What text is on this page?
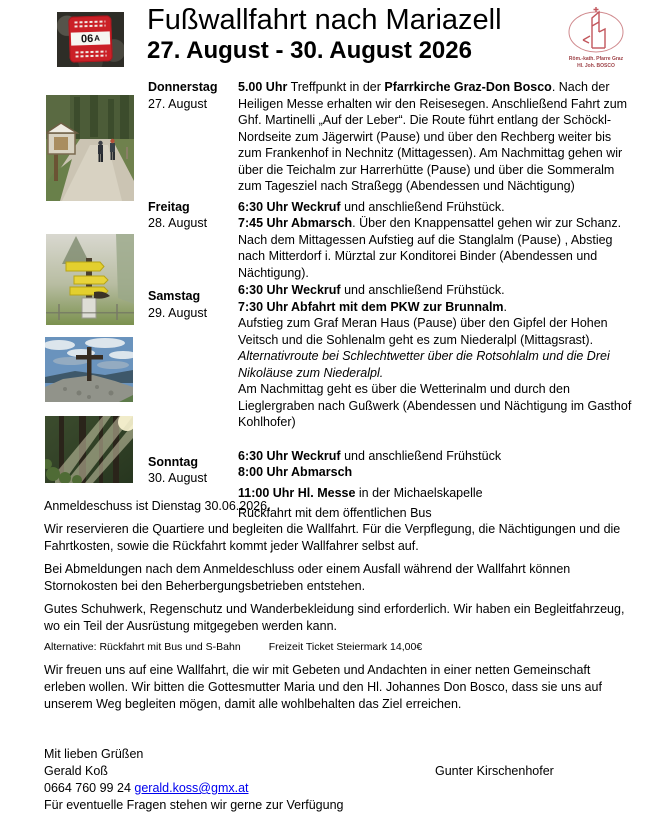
06 A
Fußwallfahrt nach Mariazell
27. August - 30. August 2026	Röm.-kath. Pfarre Graz
Hl. Joh. BOSCO
Donnerstag
27. August
5.00 Uhr Treffpunkt in der Pfarrkirche Graz-Don Bosco. Nach der Heiligen Messe erhalten wir den Reisesegen. Anschließend Fahrt zum Ghf. Martinelli „Auf der Leber“. Die Route führt entlang der Schöckl-Nordseite zum Jägerwirt (Pause) und über den Rechberg weiter bis zum Frankenhof in Nechnitz (Mittagessen). Am Nachmittag gehen wir über die Teichalm zur Harrerhütte (Pause) und über die Sommeralm zum Tagesziel nach Straßegg (Abendessen und Nächtigung)
Freitag
28. August
6:30 Uhr Weckruf und anschließend Frühstück.
7:45 Uhr Abmarsch. Über den Knappensattel gehen wir zur Schanz. Nach dem Mittagessen Aufstieg auf die Stanglalm (Pause) , Abstieg nach Mitterdorf i. Mürztal zur Konditorei Binder (Abendessen und Nächtigung).
Samstag
29. August
6:30 Uhr Weckruf und anschließend Frühstück.
7:30 Uhr Abfahrt mit dem PKW zur Brunnalm.
Aufstieg zum Graf Meran Haus (Pause) über den Gipfel der Hohen Veitsch und die Sohlenalm geht es zum Niederalpl (Mittagsrast).
Alternativroute bei Schlechtwetter über die Rotsohlalm und die Drei Nikoläuse zum Niederalpl.
Am Nachmittag geht es über die Wetterinalm und durch den Lieglergraben nach Gußwerk (Abendessen und Nächtigung im Gasthof Kohlhofer)
Sonntag
30. August
6:30 Uhr Weckruf und anschließend Frühstück
8:00 Uhr Abmarsch
11:00 Uhr Hl. Messe in der Michaelskapelle
Rückfahrt mit dem öffentlichen Bus
Anmeldeschuss ist Dienstag 30.06.2026.
Wir reservieren die Quartiere und begleiten die Wallfahrt. Für die Verpflegung, die Nächtigungen und die Fahrtkosten, sowie die Rückfahrt kommt jeder Wallfahrer selbst auf.
Bei Abmeldungen nach dem Anmeldeschluss oder einem Ausfall während der Wallfahrt können Stornokosten bei den Beherbergungsbetrieben entstehen.
Gutes Schuhwerk, Regenschutz und Wanderbekleidung sind erforderlich. Wir haben ein Begleitfahrzeug, wo ein Teil der Ausrüstung mitgegeben werden kann.
Alternative: Rückfahrt mit Bus und S-Bahn	Freizeit Ticket Steiermark 14,00€
Wir freuen uns auf eine Wallfahrt, die wir mit Gebeten und Andachten in einer netten Gemeinschaft erleben wollen. Wir bitten die Gottesmutter Maria und den Hl. Johannes Don Bosco, dass sie uns auf unserem Weg begleiten mögen, damit alle wohlbehalten das Ziel erreichen.
Mit lieben Grüßen
Gerald Koß	Gunter Kirschenhofer
0664 760 99 24 gerald.koss@gmx.at
Für eventuelle Fragen stehen wir gerne zur Verfügung
